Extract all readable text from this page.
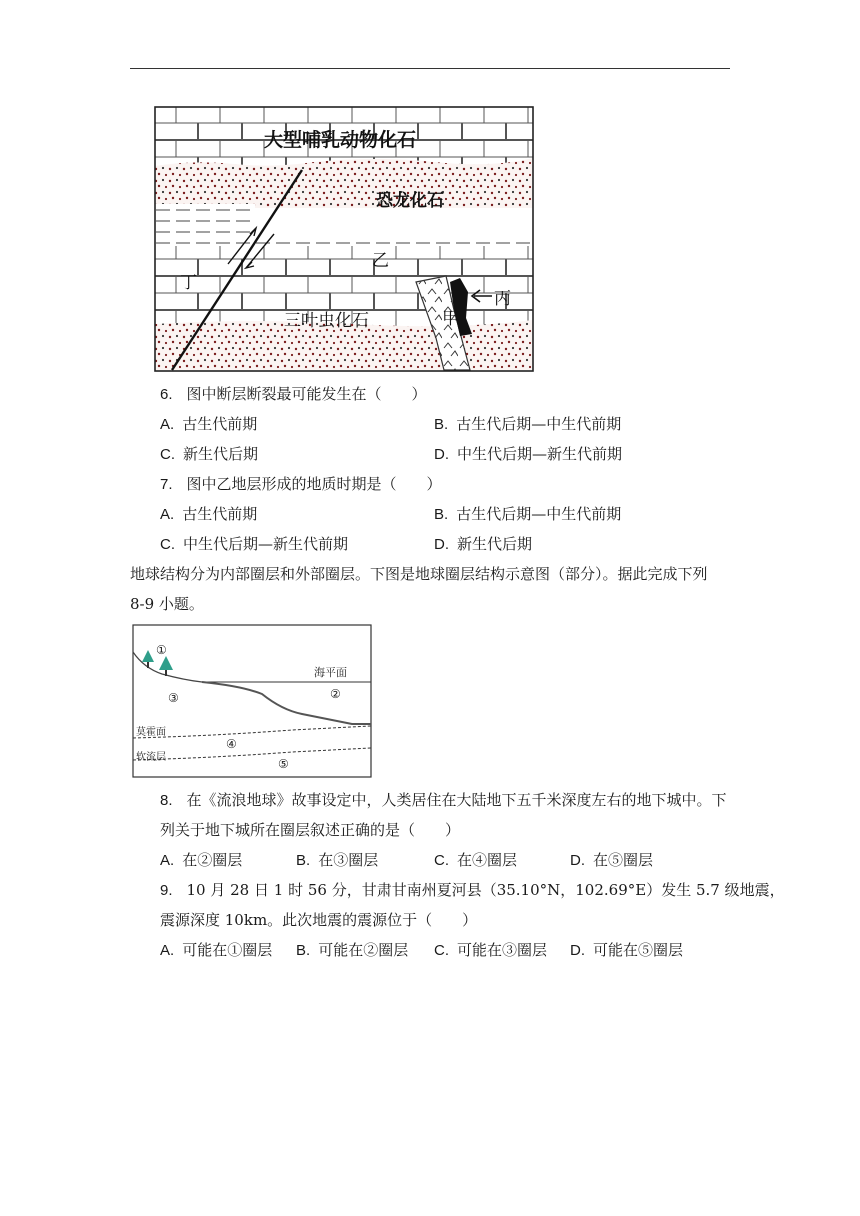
大型哺乳动物化石
恐龙化石
乙
丁
三叶虫化石	甲
丙
6. 图中断层断裂最可能发生在（　　）
A. 古生代前期	B. 古生代后期—中生代前期
C. 新生代后期	D. 中生代后期—新生代前期
7. 图中乙地层形成的地质时期是（　　）
A. 古生代前期	B. 古生代后期—中生代前期
C. 中生代后期—新生代前期	D. 新生代后期
地球结构分为内部圈层和外部圈层。下图是地球圈层结构示意图（部分）。据此完成下列
8-9 小题。
①
③
海平面
②
莫霍面
④
软流层	⑤
8. 在《流浪地球》故事设定中，人类居住在大陆地下五千米深度左右的地下城中。下
列关于地下城所在圈层叙述正确的是（　　）
A. 在②圈层	B. 在③圈层	C. 在④圈层	D. 在⑤圈层
9. 10 月 28 日 1 时 56 分，甘肃甘南州夏河县（35.10°N，102.69°E）发生 5.7 级地震，
震源深度 10km。此次地震的震源位于（　　）
A. 可能在①圈层 B. 可能在②圈层 C. 可能在③圈层 D. 可能在⑤圈层
